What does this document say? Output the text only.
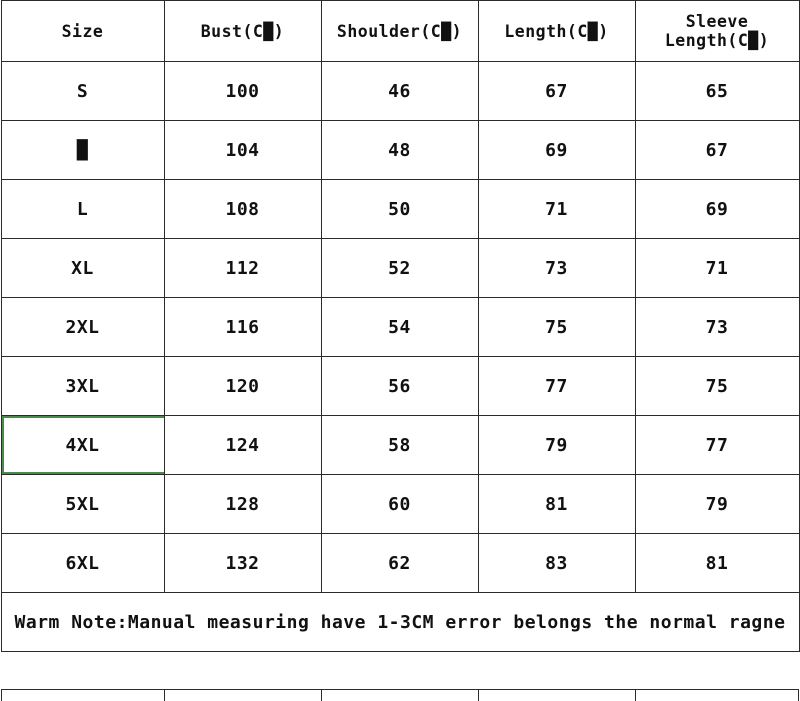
Size	Bust(C█)	Shoulder(C█)	Length(C█)	Sleeve Length(C█)
S	100	46	67	65
█	104	48	69	67
L	108	50	71	69
XL	112	52	73	71
2XL	116	54	75	73
3XL	120	56	77	75
4XL	124	58	79	77
5XL	128	60	81	79
6XL	132	62	83	81
Warm Note:Manual measuring have 1-3CM error belongs the normal ragne				
